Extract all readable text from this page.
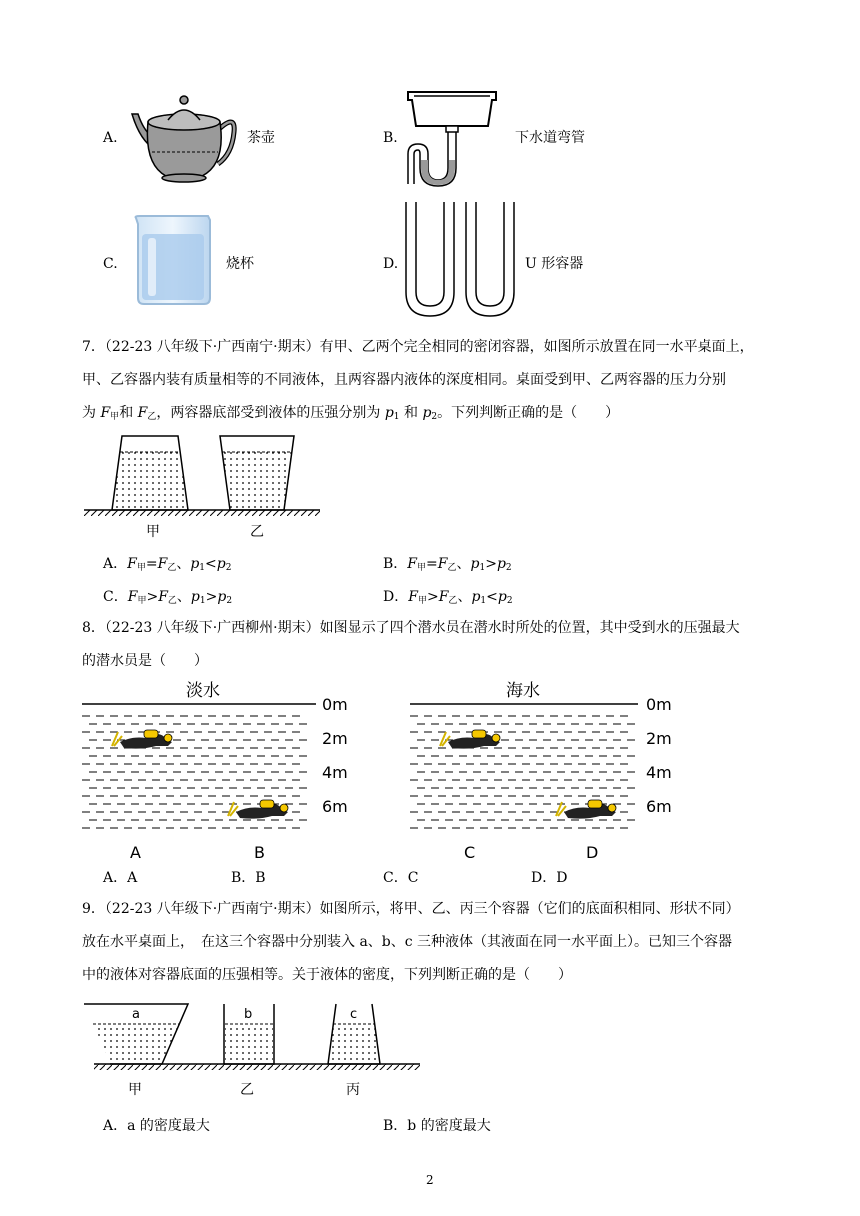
A.	茶壶	B.	下水道弯管
C.	烧杯	D.	U 形容器
7．（22-23 八年级下·广西南宁·期末）有甲、乙两个完全相同的密闭容器，如图所示放置在同一水平桌面上，
甲、乙容器内装有质量相等的不同液体，且两容器内液体的深度相同。桌面受到甲、乙两容器的压力分别
为 $F_甲$和 $F_乙$，两容器底部受到液体的压强分别为 $p_1$ 和 $p_2$。下列判断正确的是（　　）
甲	乙
A．$F_甲=F_乙$、$p_1<p_2$	B．$F_甲=F_乙$、$p_1>p_2$
C．$F_甲>F_乙$、$p_1>p_2$	D．$F_甲>F_乙$、$p_1<p_2$
8．（22-23 八年级下·广西柳州·期末）如图显示了四个潜水员在潜水时所处的位置，其中受到水的压强最大
的潜水员是（　　）
淡水
0m
2m
4m
6m
A	B
海水
0m
2m
4m
6m
C	D
A．A	B．B	C．C	D．D
9．（22-23 八年级下·广西南宁·期末）如图所示，将甲、乙、丙三个容器（它们的底面积相同、形状不同）
放在水平桌面上，　在这三个容器中分别装入 a、b、c 三种液体（其液面在同一水平面上）。已知三个容器
中的液体对容器底面的压强相等。关于液体的密度，下列判断正确的是（　　）
a	b	c
甲	乙	丙
A．a 的密度最大	B．b 的密度最大
2
